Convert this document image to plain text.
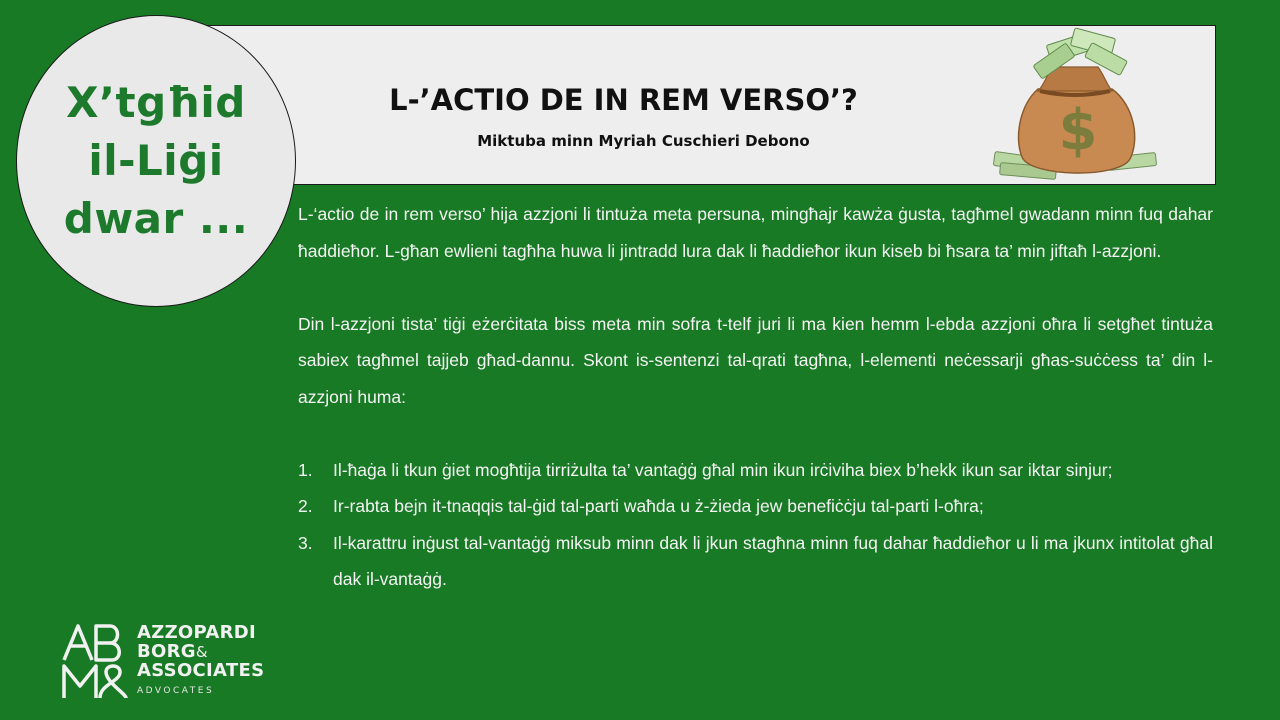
L-’ACTIO DE IN REM VERSO’?
Miktuba minn Myriah Cuschieri Debono	$
X’tgħid
il-Liġi
dwar ...	L-‘actio de in rem verso’ hija azzjoni li tintuża meta persuna, mingħajr kawża ġusta, tagħmel gwadann minn fuq dahar ħaddieħor. L-għan ewlieni tagħha huwa li jintradd lura dak li ħaddieħor ikun kiseb bi ħsara ta’ min jiftaħ l-azzjoni.

Din l-azzjoni tista’ tiġi eżerċitata biss meta min sofra t-telf juri li ma kien hemm l-ebda azzjoni oħra li setgħet tintuża sabiex tagħmel tajjeb għad-dannu. Skont is-sentenzi tal-qrati tagħna, l-elementi neċessarji għas-suċċess ta’ din l-azzjoni huma:

1. Il-ħaġa li tkun ġiet mogħtija tirriżulta ta’ vantaġġ għal min ikun irċiviha biex b’hekk ikun sar iktar sinjur;
2. Ir-rabta bejn it-tnaqqis tal-ġid tal-parti waħda u ż-żieda jew benefiċċju tal-parti l-oħra;
3. Il-karattru inġust tal-vantaġġ miksub minn dak li jkun stagħna minn fuq dahar ħaddieħor u li ma jkunx intitolat għal dak il-vantaġġ.
AZZOPARDI
BORG&
ASSOCIATES
ADVOCATES
